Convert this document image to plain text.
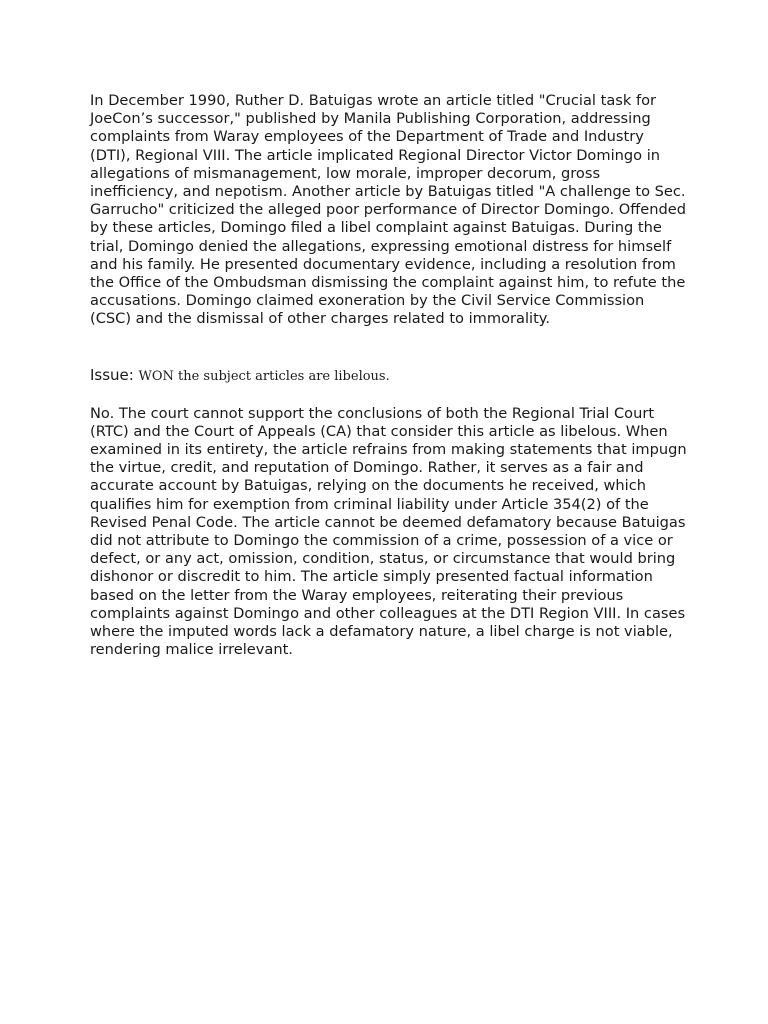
In December 1990, Ruther D. Batuigas wrote an article titled "Crucial task for JoeCon’s successor," published by Manila Publishing Corporation, addressing complaints from Waray employees of the Department of Trade and Industry (DTI), Regional VIII. The article implicated Regional Director Victor Domingo in allegations of mismanagement, low morale, improper decorum, gross inefficiency, and nepotism. Another article by Batuigas titled "A challenge to Sec. Garrucho" criticized the alleged poor performance of Director Domingo. Offended by these articles, Domingo filed a libel complaint against Batuigas. During the trial, Domingo denied the allegations, expressing emotional distress for himself and his family. He presented documentary evidence, including a resolution from the Office of the Ombudsman dismissing the complaint against him, to refute the accusations. Domingo claimed exoneration by the Civil Service Commission (CSC) and the dismissal of other charges related to immorality.

Issue: WON the subject articles are libelous.

No. The court cannot support the conclusions of both the Regional Trial Court (RTC) and the Court of Appeals (CA) that consider this article as libelous. When examined in its entirety, the article refrains from making statements that impugn the virtue, credit, and reputation of Domingo. Rather, it serves as a fair and accurate account by Batuigas, relying on the documents he received, which qualifies him for exemption from criminal liability under Article 354(2) of the Revised Penal Code. The article cannot be deemed defamatory because Batuigas did not attribute to Domingo the commission of a crime, possession of a vice or defect, or any act, omission, condition, status, or circumstance that would bring dishonor or discredit to him. The article simply presented factual information based on the letter from the Waray employees, reiterating their previous complaints against Domingo and other colleagues at the DTI Region VIII. In cases where the imputed words lack a defamatory nature, a libel charge is not viable, rendering malice irrelevant.
